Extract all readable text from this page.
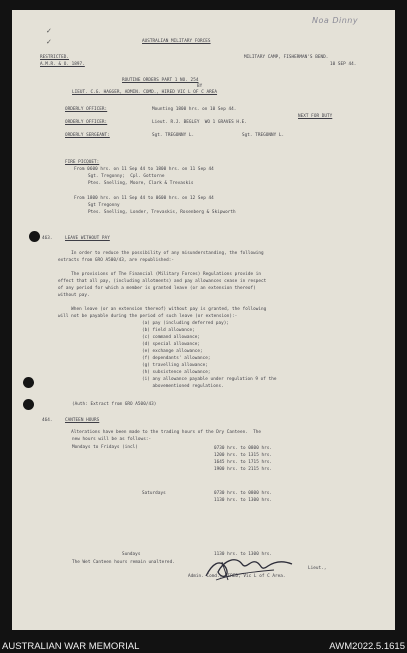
Noa Dinny
✓
✓	AUSTRALIAN MILITARY FORCES
RESTRICTED.
A.M.R. & O. 1897.
MILITARY CAMP, FISHERMAN'S BEND.
10 SEP 44.
ROUTINE ORDERS PART 1 NO. 254
BY
LIEUT. C.G. HAGGER, ADMIN. COMD., HIRED VIC L OF C AREA
ORDERLY OFFICER:	Mounting 1800 hrs. on 10 Sep 44.
NEXT FOR DUTY
ORDERLY OFFICER:	Lieut. R.J. BEGLEY  WO 1 GRAVES H.E.
ORDERLY SERGEANT:	Sgt. TREGONNY L.	Sgt. TREGONNY L.
FIRE PICQUET:
From 0600 hrs. on 11 Sep 44 to 1800 hrs. on 11 Sep 44
Sgt. Tregonny;  Cpl. Gottorne
Ptes. Snelling, Moore, Clark & Trevaskis
From 1800 hrs. on 11 Sep 44 to 0600 hrs. on 12 Sep 44
Sgt Tregonny
Ptes. Snelling, Londer, Trevaskis, Rosenberg & Skipworth
463.	LEAVE WITHOUT PAY
In order to reduce the possibility of any misunderstanding, the following
extracts from GRO A500/43, are republished:-
The provisions of The Financial (Military Forces) Regulations provide in
effect that all pay, (including allotments) and pay allowances cease in respect
of any period for which a member is granted leave (or an extension thereof)
without pay.
When leave (or an extension thereof) without pay is granted, the following
will not be payable during the period of such leave (or extension):-
(a) pay (including deferred pay);
(b) field allowance;
(c) command allowance;
(d) special allowance;
(e) exchange allowance;
(f) dependants' allowance;
(g) travelling allowance;
(h) subsistence allowance;
(i) any allowance payable under regulation 9 of the
abovementioned regulations.
(Auth: Extract from GRO A500/43)
464.	CANTEEN HOURS
Alterations have been made to the trading hours of the Dry Canteen.  The
new hours will be as follows:-
Mondays to Fridays (incl)	0730 hrs. to 0800 hrs.
1200 hrs. to 1315 hrs.
1645 hrs. to 1715 hrs.
1900 hrs. to 2115 hrs.
Saturdays	0730 hrs. to 0800 hrs.
1130 hrs. to 1300 hrs.
Sundays	1130 hrs. to 1300 hrs.
The Wet Canteen hours remain unaltered.
Lieut.,
Admin. Comd., HIRED, Vic L of C Area.
AUSTRALIAN WAR MEMORIAL	AWM2022.5.1615
